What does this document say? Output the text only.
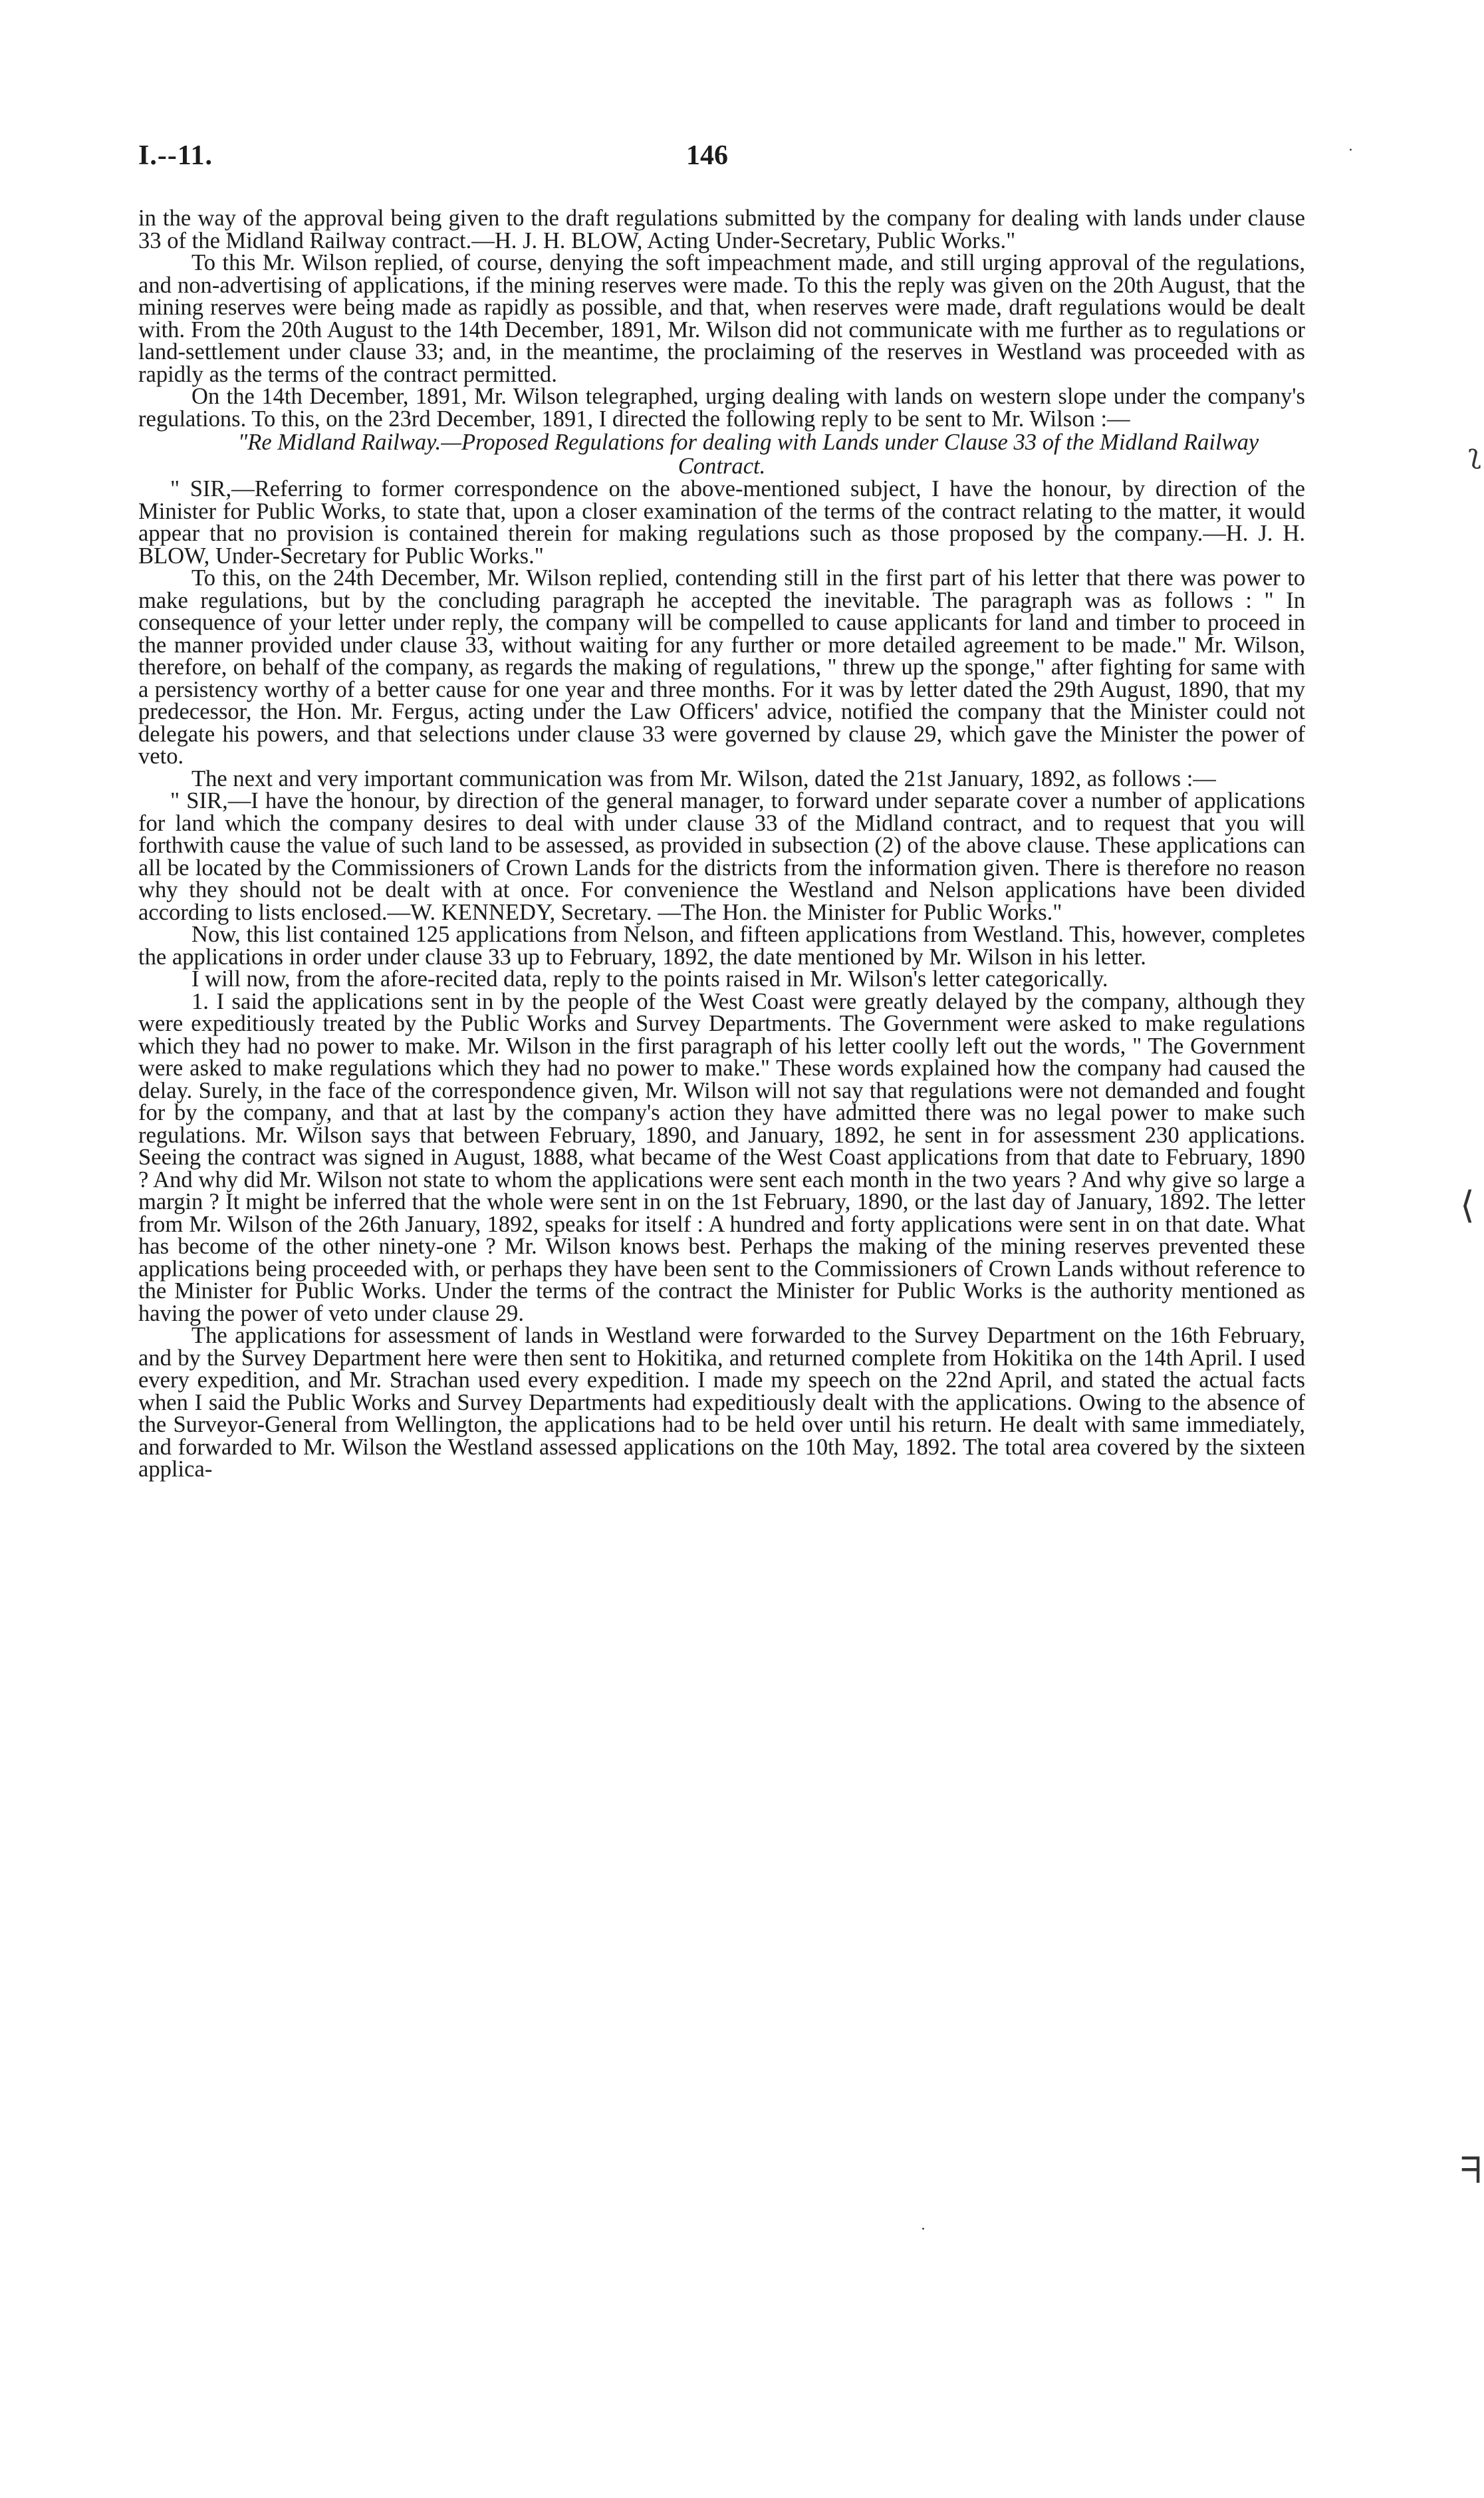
I.--11.	146

in the way of the approval being given to the draft regulations submitted by the company for dealing with lands under clause 33 of the Midland Railway contract.—H. J. H. BLOW, Acting Under-Secretary, Public Works."

To this Mr. Wilson replied, of course, denying the soft impeachment made, and still urging approval of the regulations, and non-advertising of applications, if the mining reserves were made. To this the reply was given on the 20th August, that the mining reserves were being made as rapidly as possible, and that, when reserves were made, draft regulations would be dealt with. From the 20th August to the 14th December, 1891, Mr. Wilson did not communicate with me further as to regulations or land-settlement under clause 33; and, in the meantime, the proclaiming of the reserves in Westland was proceeded with as rapidly as the terms of the contract permitted.

On the 14th December, 1891, Mr. Wilson telegraphed, urging dealing with lands on western slope under the company's regulations. To this, on the 23rd December, 1891, I directed the following reply to be sent to Mr. Wilson :—

"Re Midland Railway.—Proposed Regulations for dealing with Lands under Clause 33 of the Midland Railway Contract.

" SIR,—Referring to former correspondence on the above-mentioned subject, I have the honour, by direction of the Minister for Public Works, to state that, upon a closer examination of the terms of the contract relating to the matter, it would appear that no provision is contained therein for making regulations such as those proposed by the company.—H. J. H. BLOW, Under-Secretary for Public Works."

To this, on the 24th December, Mr. Wilson replied, contending still in the first part of his letter that there was power to make regulations, but by the concluding paragraph he accepted the inevitable. The paragraph was as follows : " In consequence of your letter under reply, the company will be compelled to cause applicants for land and timber to proceed in the manner provided under clause 33, without waiting for any further or more detailed agreement to be made." Mr. Wilson, therefore, on behalf of the company, as regards the making of regulations, " threw up the sponge," after fighting for same with a persistency worthy of a better cause for one year and three months. For it was by letter dated the 29th August, 1890, that my predecessor, the Hon. Mr. Fergus, acting under the Law Officers' advice, notified the company that the Minister could not delegate his powers, and that selections under clause 33 were governed by clause 29, which gave the Minister the power of veto.

The next and very important communication was from Mr. Wilson, dated the 21st January, 1892, as follows :—

" SIR,—I have the honour, by direction of the general manager, to forward under separate cover a number of applications for land which the company desires to deal with under clause 33 of the Midland contract, and to request that you will forthwith cause the value of such land to be assessed, as provided in subsection (2) of the above clause. These applications can all be located by the Commissioners of Crown Lands for the districts from the information given. There is therefore no reason why they should not be dealt with at once. For convenience the Westland and Nelson applications have been divided according to lists enclosed.—W. KENNEDY, Secretary. —The Hon. the Minister for Public Works."

Now, this list contained 125 applications from Nelson, and fifteen applications from Westland. This, however, completes the applications in order under clause 33 up to February, 1892, the date mentioned by Mr. Wilson in his letter.

I will now, from the afore-recited data, reply to the points raised in Mr. Wilson's letter categorically.

1. I said the applications sent in by the people of the West Coast were greatly delayed by the company, although they were expeditiously treated by the Public Works and Survey Departments. The Government were asked to make regulations which they had no power to make. Mr. Wilson in the first paragraph of his letter coolly left out the words, " The Government were asked to make regulations which they had no power to make." These words explained how the company had caused the delay. Surely, in the face of the correspondence given, Mr. Wilson will not say that regulations were not demanded and fought for by the company, and that at last by the company's action they have admitted there was no legal power to make such regulations. Mr. Wilson says that between February, 1890, and January, 1892, he sent in for assessment 230 applications. Seeing the contract was signed in August, 1888, what became of the West Coast applications from that date to February, 1890 ? And why did Mr. Wilson not state to whom the applications were sent each month in the two years ? And why give so large a margin ? It might be inferred that the whole were sent in on the 1st February, 1890, or the last day of January, 1892. The letter from Mr. Wilson of the 26th January, 1892, speaks for itself : A hundred and forty applications were sent in on that date. What has become of the other ninety-one ? Mr. Wilson knows best. Perhaps the making of the mining reserves prevented these applications being proceeded with, or perhaps they have been sent to the Commissioners of Crown Lands without reference to the Minister for Public Works. Under the terms of the contract the Minister for Public Works is the authority mentioned as having the power of veto under clause 29.

The applications for assessment of lands in Westland were forwarded to the Survey Department on the 16th February, and by the Survey Department here were then sent to Hokitika, and returned complete from Hokitika on the 14th April. I used every expedition, and Mr. Strachan used every expedition. I made my speech on the 22nd April, and stated the actual facts when I said the Public Works and Survey Departments had expeditiously dealt with the applications. Owing to the absence of the Surveyor-General from Wellington, the applications had to be held over until his return. He dealt with same immediately, and forwarded to Mr. Wilson the Westland assessed applications on the 10th May, 1892. The total area covered by the sixteen applica-

·
ʅ
⟨
ᖷ
·
